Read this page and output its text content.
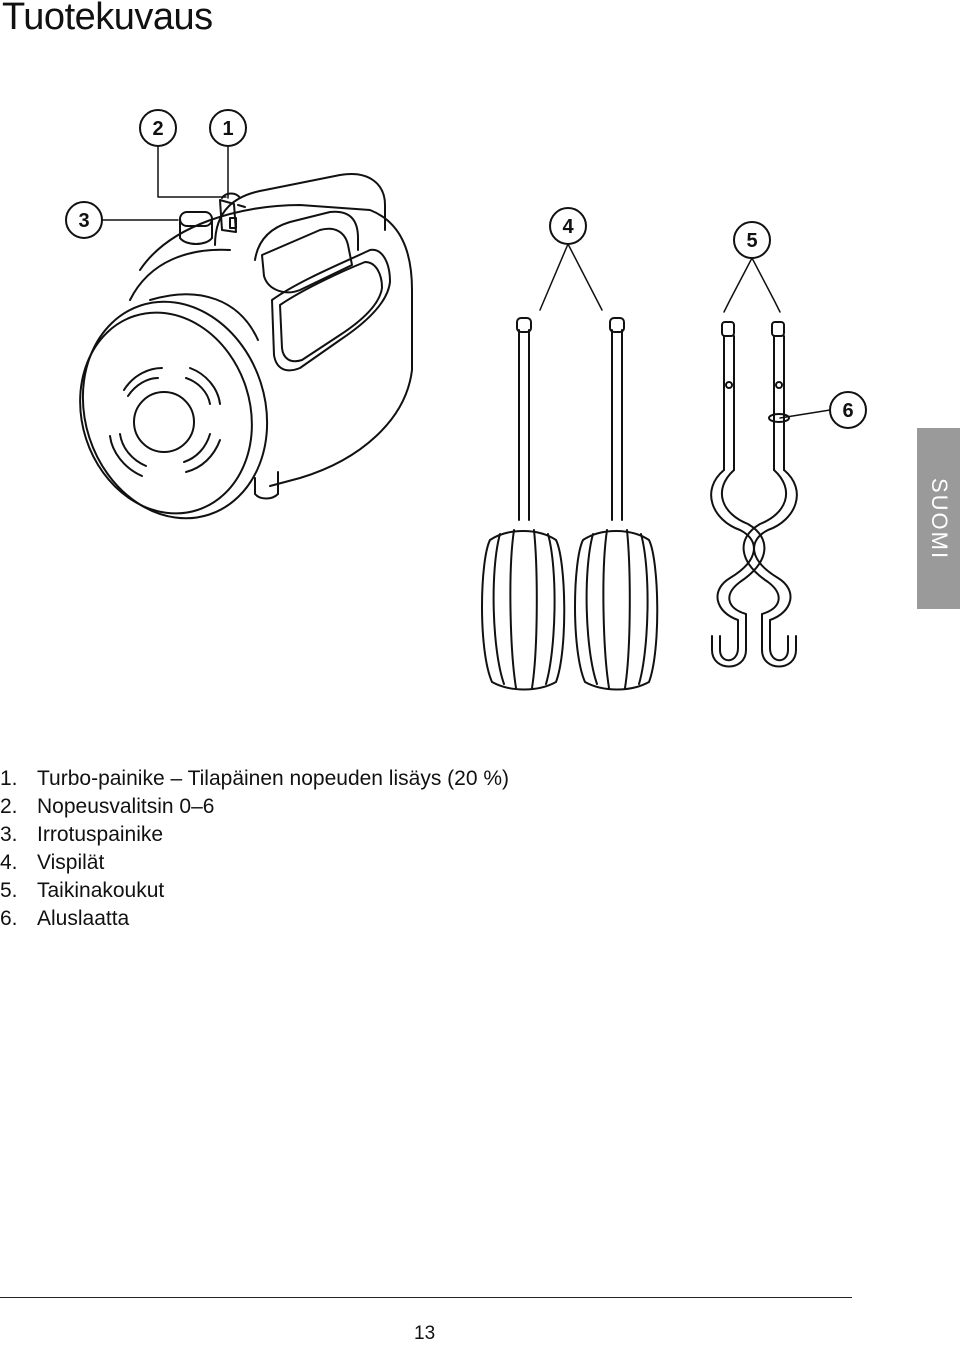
Tuotekuvaus
SUOMI
1
2
3	4
5
6
1. Turbo-painike – Tilapäinen nopeuden lisäys (20 %)
2. Nopeusvalitsin 0–6
3. Irrotuspainike
4. Vispilät
5. Taikinakoukut
6. Aluslaatta
13
